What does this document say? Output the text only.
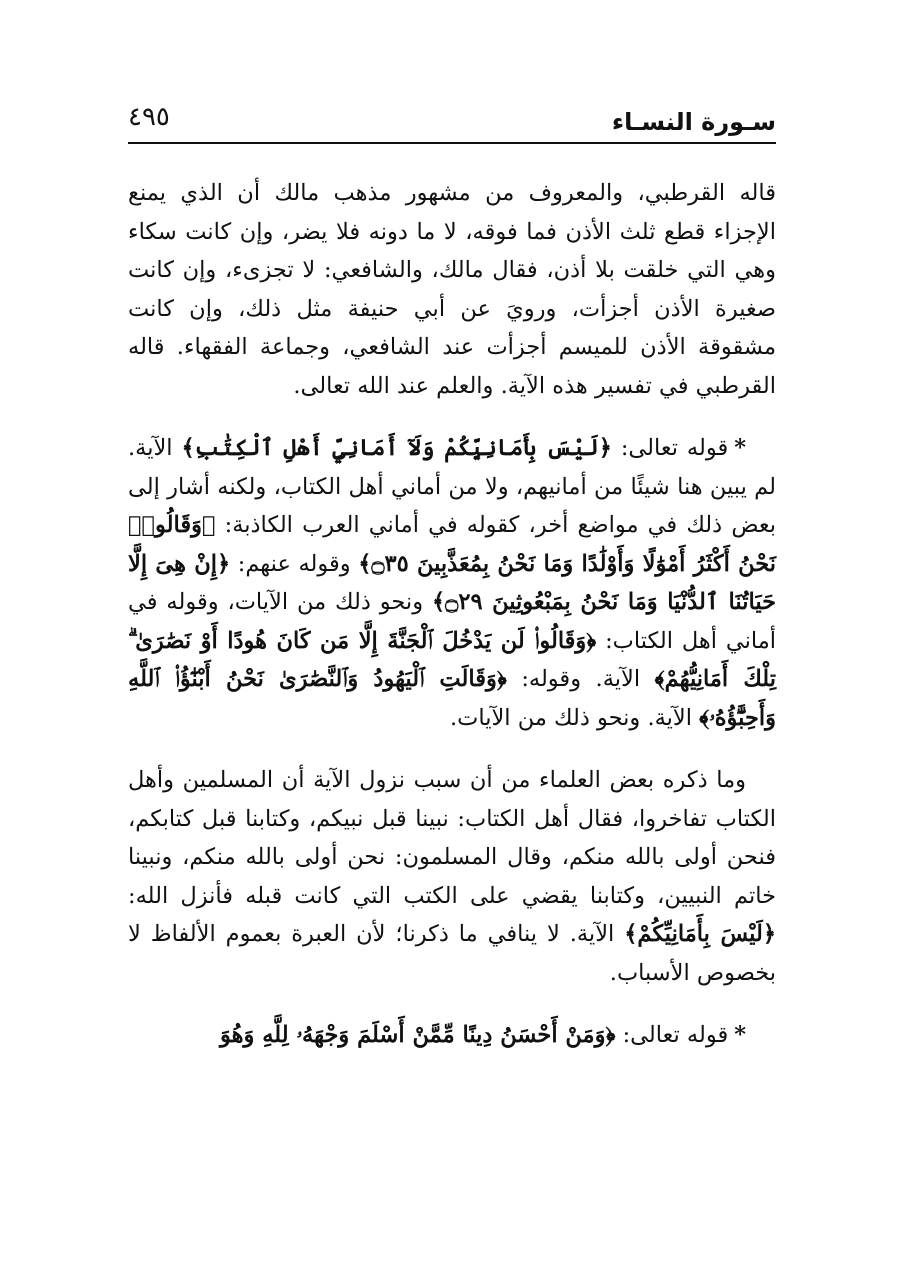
سـورة النسـاء
٤٩٥

قاله القرطبي، والمعروف من مشهور مذهب مالك أن الذي يمنع الإجزاء قطع ثلث الأذن فما فوقه، لا ما دونه فلا يضر، وإن كانت سكاء وهي التي خلقت بلا أذن، فقال مالك، والشافعي: لا تجزىء، وإن كانت صغيرة الأذن أجزأت، ورويَ عن أبي حنيفة مثل ذلك، وإن كانت مشقوقة الأذن للميسم أجزأت عند الشافعي، وجماعة الفقهاء. قاله القرطبي في تفسير هذه الآية. والعلم عند الله تعالى.

*قوله تعالى: ﴿لَيْسَ بِأَمَانِيِّكُمْ وَلَآ أَمَانِيِّ أَهْلِ ٱلْكِتَٰبِ﴾ الآية. لم يبين هنا شيئًا من أمانيهم، ولا من أماني أهل الكتاب، ولكنه أشار إلى بعض ذلك في مواضع أخر، كقوله في أماني العرب الكاذبة: ﴿وَقَالُوا۟ نَحْنُ أَكْثَرُ أَمْوَٰلًا وَأَوْلَٰدًا وَمَا نَحْنُ بِمُعَذَّبِينَ ۝٣٥﴾ وقوله عنهم: ﴿إِنْ هِىَ إِلَّا حَيَاتُنَا ٱلدُّنْيَا وَمَا نَحْنُ بِمَبْعُوثِينَ ۝٢٩﴾ ونحو ذلك من الآيات، وقوله في أماني أهل الكتاب: ﴿وَقَالُوا۟ لَن يَدْخُلَ ٱلْجَنَّةَ إِلَّا مَن كَانَ هُودًا أَوْ نَصَٰرَىٰ ۗ تِلْكَ أَمَانِيُّهُمْ﴾ الآية. وقوله: ﴿وَقَالَتِ ٱلْيَهُودُ وَٱلنَّصَٰرَىٰ نَحْنُ أَبْنَٰٓؤُا۟ ٱللَّهِ وَأَحِبَّٰٓؤُهُۥ﴾ الآية. ونحو ذلك من الآيات.

وما ذكره بعض العلماء من أن سبب نزول الآية أن المسلمين وأهل الكتاب تفاخروا، فقال أهل الكتاب: نبينا قبل نبيكم، وكتابنا قبل كتابكم، فنحن أولى بالله منكم، وقال المسلمون: نحن أولى بالله منكم، ونبينا خاتم النبيين، وكتابنا يقضي على الكتب التي كانت قبله فأنزل الله: ﴿لَيْسَ بِأَمَانِيِّكُمْ﴾ الآية. لا ينافي ما ذكرنا؛ لأن العبرة بعموم الألفاظ لا بخصوص الأسباب.

*قوله تعالى: ﴿وَمَنْ أَحْسَنُ دِينًا مِّمَّنْ أَسْلَمَ وَجْهَهُۥ لِلَّهِ وَهُوَ
